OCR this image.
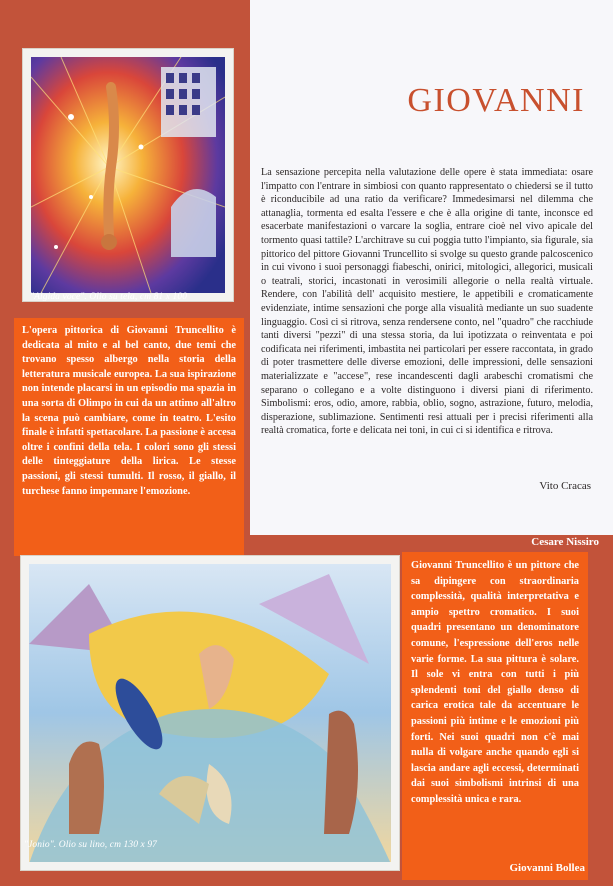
"Algida voce". Olio su tela, cm 81 x 100
L'opera pittorica di Giovanni Truncellito è dedicata al mito e al bel canto, due temi che trovano spesso albergo nella storia della letteratura musicale europea. La sua ispirazione non intende placarsi in un episodio ma spazia in una sorta di Olimpo in cui da un attimo all'altro la scena può cambiare, come in teatro. L'esito finale è infatti spettacolare. La passione è accesa oltre i confini della tela. I colori sono gli stessi delle tinteggiature della lirica. Le stesse passioni, gli stessi tumulti. Il rosso, il giallo, il turchese fanno impennare l'emozione.
Cesare Nissiro
GIOVANNI

La sensazione percepita nella valutazione delle opere è stata immediata: osare l'impatto con l'entrare in simbiosi con quanto rappresentato o chiedersi se il tutto è riconducibile ad una ratio da verificare? Immedesimarsi nel dilemma che attanaglia, tormenta ed esalta l'essere e che è alla origine di tante, inconsce ed esacerbate manifestazioni o varcare la soglia, entrare cioè nel vivo apicale del tormento quasi tattile? L'architrave su cui poggia tutto l'impianto, sia figurale, sia pittorico del pittore Giovanni Truncellito si svolge su questo grande palcoscenico in cui vivono i suoi personaggi fiabeschi, onirici, mitologici, allegorici, musicali o teatrali, storici, incastonati in verosimili allegorie o nella realtà virtuale. Rendere, con l'abilità dell' acquisito mestiere, le appetibili e cromaticamente evidenziate, intime sensazioni che porge alla visualità mediante un suo suadente linguaggio. Così ci si ritrova, senza rendersene conto, nel "quadro" che racchiude tanti diversi "pezzi" di una stessa storia, da lui ipotizzata o reinventata e poi codificata nei riferimenti, imbastita nei particolari per essere raccontata, in grado di poter trasmettere delle diverse emozioni, delle impressioni, delle sensazioni materializzate e "accese", rese incandescenti dagli arabeschi cromatismi che separano o collegano e a volte distinguono i diversi piani di riferimento. Simbolismi: eros, odio, amore, rabbia, oblio, sogno, astrazione, futuro, melodia, disperazione, sublimazione. Sentimenti resi attuali per i precisi riferimenti alla realtà cromatica, forte e delicata nei toni, in cui ci si identifica e ritrova.

Vito Cracas
"Jonio". Olio su lino, cm 130 x 97
Giovanni Truncellito è un pittore che sa dipingere con straordinaria complessità, qualità interpretativa e ampio spettro cromatico. I suoi quadri presentano un denominatore comune, l'espressione dell'eros nelle varie forme. La sua pittura è solare. Il sole vi entra con tutti i più splendenti toni del giallo denso di carica erotica tale da accentuare le passioni più intime e le emozioni più forti. Nei suoi quadri non c'è mai nulla di volgare anche quando egli si lascia andare agli eccessi, determinati dai suoi simbolismi intrinsi di una complessità unica e rara.
Giovanni Bollea
